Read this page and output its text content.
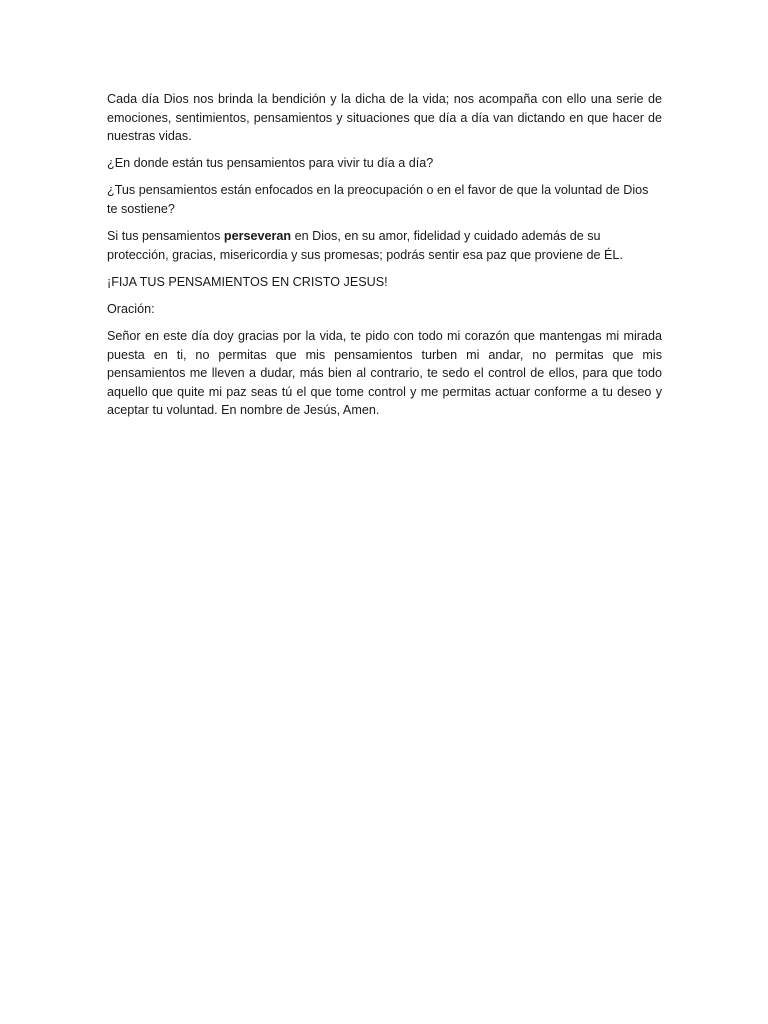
Cada día Dios nos brinda la bendición y la dicha de la vida; nos acompaña con ello una serie de emociones, sentimientos, pensamientos y situaciones que día a día van dictando en que hacer de nuestras vidas.

¿En donde están tus pensamientos para vivir tu día a día?

¿Tus pensamientos están enfocados en la preocupación o en el favor de que la voluntad de Dios te sostiene?

Si tus pensamientos perseveran en Dios, en su amor, fidelidad y cuidado además de su protección, gracias, misericordia y sus promesas; podrás sentir esa paz que proviene de ÉL.

¡FIJA TUS PENSAMIENTOS EN CRISTO JESUS!

Oración:

Señor en este día doy gracias por la vida, te pido con todo mi corazón que mantengas mi mirada puesta en ti, no permitas que mis pensamientos turben mi andar, no permitas que mis pensamientos me lleven a dudar, más bien al contrario, te sedo el control de ellos, para que todo aquello que quite mi paz seas tú el que tome control y me permitas actuar conforme a tu deseo y aceptar tu voluntad. En nombre de Jesús, Amen.
